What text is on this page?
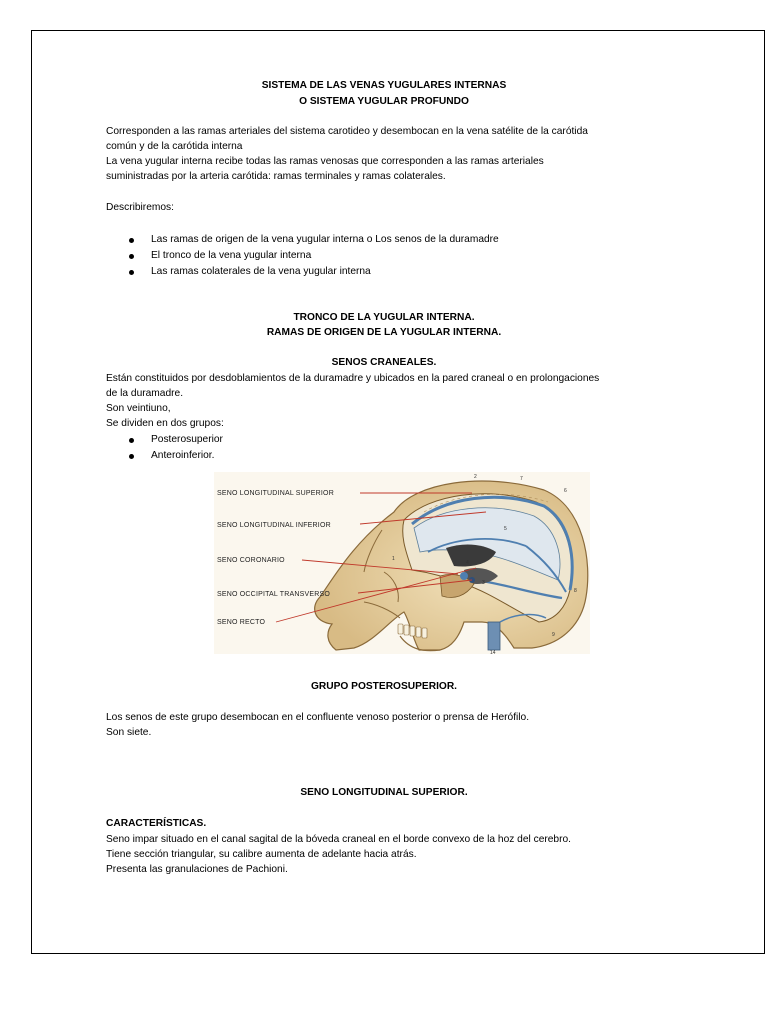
SISTEMA DE LAS VENAS YUGULARES INTERNAS
O SISTEMA YUGULAR PROFUNDO
Corresponden a las ramas arteriales del sistema carotideo y desembocan en la vena satélite de la carótida
común y de la carótida interna
La vena yugular interna recibe todas las ramas venosas que corresponden a las ramas arteriales
suministradas por la arteria carótida: ramas terminales y ramas colaterales.
Describiremos:
Las ramas de origen de la vena yugular interna o Los senos de la duramadre
El tronco de la vena yugular interna
Las ramas colaterales de la vena yugular interna
TRONCO DE LA YUGULAR INTERNA.
RAMAS DE ORIGEN DE LA YUGULAR INTERNA.
SENOS CRANEALES.
Están constituidos por desdoblamientos de la duramadre y ubicados en la pared craneal o en prolongaciones
de la duramadre.
Son veintiuno,
Se dividen en dos grupos:
Posterosuperior
Anteroinferior.
SENO LONGITUDINAL SUPERIOR
SENO LONGITUDINAL INFERIOR
SENO CORONARIO
SENO OCCIPITAL TRANSVERSO
SENO RECTO
1
2
3
4
5
6
7
8
9
14
GRUPO POSTEROSUPERIOR.
Los senos de este grupo desembocan en el confluente venoso posterior o prensa de Herófilo.
Son siete.
SENO LONGITUDINAL SUPERIOR.
CARACTERÍSTICAS.
Seno impar situado en el canal sagital de la bóveda craneal en el borde convexo de la hoz del cerebro.
Tiene sección triangular, su calibre aumenta de adelante hacia atrás.
Presenta las granulaciones de Pachioni.
